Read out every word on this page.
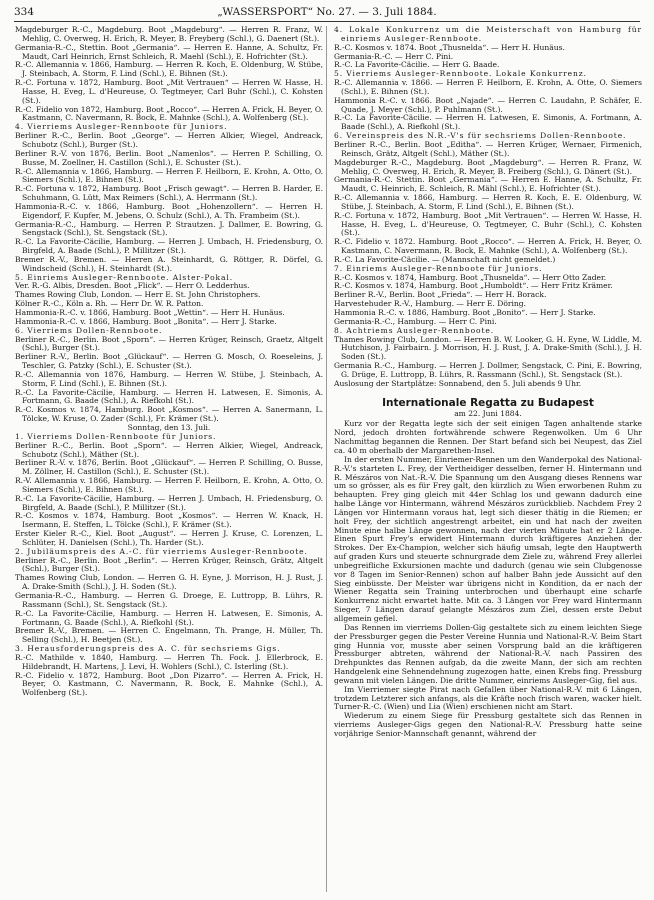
334	„WASSERSPORT“ No. 27. — 3. Juli 1884.
Magdeburger R.-C., Magdeburg. Boot „Magdeburg“. — Herren R. Franz, W. Mehlig, C. Overweg, H. Erich, R. Meyer, B. Freyberg (Schl.), G. Daenert (St.).
Germania-R.-C., Stettin. Boot „Germania“. — Herren E. Hanne, A. Schultz, Fr. Maudt, Carl Heinrich, Ernst Schleich, R. Maehl (Schl.), E. Hofrichter (St.).
R.-C. Allemannia v. 1866, Hamburg. — Herren R. Koch, E. Oldenburg, W. Stübe, J. Steinbach, A. Storm, F. Lind (Schl.), E. Bihnen (St.).
R.-C. Fortuna v. 1872, Hamburg. Boot „Mit Vertrauen“ — Herren W. Hasse, H. Hasse, H. Eveg, L. d'Heureuse, O. Tegtmeyer, Carl Buhr (Schl.), C. Kohsten (St.).
R.-C. Fidelio von 1872, Hamburg. Boot „Rocco“. — Herren A. Frick, H. Beyer, O. Kastmann, C. Navermann, R. Bock, E. Mahnke (Schl.), A. Wolfenberg (St.).
4. Vierriems Ausleger-Rennboote für Juniors.
Berliner R.-C., Berlin. Boot „George“. — Herren Alkier, Wiegel, Andreack, Schubotz (Schl.), Burger (St.).
Berliner R.-V. von 1876, Berlin. Boot „Namenlos“. — Herren P. Schilling, O. Busse, M. Zoellner, H. Castillon (Schl.), E. Schuster (St.).
R.-C. Allemannia v. 1866, Hamburg. — Herren F. Heilborn, E. Krohn, A. Otto, O. Siemers (Schl.), E. Bihnen (St.).
R.-C. Fortuna v. 1872, Hamburg. Boot „Frisch gewagt“. — Herren B. Harder, E. Schuhmann, G. Lütt, Max Reimers (Schl.), A. Herrmann (St.).
Hammonia-R.-C. v. 1866, Hamburg. Boot „Hohenzollern“. — Herren H. Eigendorf, F. Kupfer, M. Jebens, O. Schulz (Schl.), A. Th. Frambeim (St.).
Germania-R.-C., Hamburg. — Herren P. Strautzen. J. Dallmer, E. Bowring, G. Sengstack (Schl.), St. Sengstack (St.).
R.-C. La Favorite-Cäcilie, Hamburg. — Herren J. Umbach, H. Friedensburg, O. Birgfeld, A. Baade (Schl.), P. Millitzer (St.).
Bremer R.-V., Bremen. — Herren A. Steinhardt, G. Röttger, R. Dörfel, G. Windscheid (Schl.), H. Steinhardt (St.).
5. Einriems Ausleger-Rennboote. Alster-Pokal.
Ver. R.-G. Albis, Dresden. Boot „Flick“. — Herr O. Ledderhus.
Thames Rowing Club, London. — Herr E. St. John Christophers.
Kölner R.-C., Köln a. Rh. — Herr Dr. W. R. Patton.
Hammonia-R.-C. v. 1866, Hamburg. Boot „Wettin“. — Herr H. Hunäus.
Hammonia-R.-C. v. 1866, Hamburg. Boot „Bonita“. — Herr J. Starke.
6. Vierriems Dollen-Rennboote.
Berliner R.-C., Berlin. Boot „Sporn“. — Herren Krüger, Reinsch, Graetz, Altgelt (Schl.), Burger (St.).
Berliner R.-V., Berlin. Boot „Glückauf“. — Herren G. Mosch, O. Roeseleins, J. Teschler, G. Patzky (Schl.), E. Schuster (St.).
R.-C. Allemannia von 1876, Hamburg. — Herren W. Stübe, J. Steinbach, A. Storm, F. Lind (Schl.), E. Bihnen (St.).
R.-C. La Favorite-Cäcilie, Hamburg. — Herren H. Latwesen, E. Simonis, A. Fortmann, G. Baade (Schl.), A. Riefkohl (St.).
R.-C. Kosmos v. 1874, Hamburg. Boot „Kosmos“. — Herren A. Sanermann, L. Tölcke, W. Kruse, O. Zader (Schl.), Fr. Krämer (St.).
Sonntag, den 13. Juli.
1. Vierriems Dollen-Rennboote für Juniors.
Berliner R.-C., Berlin. Boot „Sporn“. — Herren Alkier, Wiegel, Andreack, Schubotz (Schl.), Mäther (St.).
Berliner R.-V. v. 1876, Berlin. Boot „Glückauf“. — Herren P. Schilling, O. Busse, M. Zöllner, H. Castillon (Schl.), E. Schuster (St.).
R.-V. Allemannia v. 1866, Hamburg. — Herren F. Heilborn, E. Krohn, A. Otto, O. Siemers (Schl.), E. Bihnen (St.).
R.-C. La Favorite-Cäcilie, Hamburg. — Herren J. Umbach, H. Friedensburg, O. Birgfeld, A. Baade (Schl.), P. Millitzer (St.).
R.-C. Kosmos v. 1874, Hamburg. Boot „Kosmos“. — Herren W. Knack, H. Isermann, E. Steffen, L. Tölcke (Schl.), F. Krämer (St.).
Erster Kieler R.-C., Kiel. Boot „August“. — Herren J. Kruse, C. Lorenzen, L. Schlüter, H. Danielsen (Schl.), Th. Harder (St.).
2. Jubiläumspreis des A.-C. für vierriems Ausleger-Rennboote.
Berliner R.-C., Berlin. Boot „Berlin“. — Herren Krüger, Reinsch, Grätz, Altgelt (Schl.), Burger (St.).
Thames Rowing Club, London. — Herren G. H. Eyne, J. Morrison, H. J. Rust, J. A. Drake-Smith (Schl.), J. H. Soden (St.).
Germania-R.-C., Hamburg. — Herren G. Droege, E. Luttropp, B. Lührs, R. Rassmann (Schl.), St. Sengstack (St.).
R.-C. La Favorite-Cäcilie, Hamburg. — Herren H. Latwesen, E. Simonis, A. Fortmann, G. Baade (Schl.), A. Riefkohl (St.).
Bremer R.-V., Bremen. — Herren C. Engelmann, Th. Prange, H. Müller, Th. Selling (Schl.), H. Beetjen (St.).
3. Herausforderungspreis des A. C. für sechsriems Gigs.
R.-C. Mathilde v. 1840, Hamburg. — Herren Th. Fock. J. Ellerbrock, E. Hildebrandt, H. Martens, J. Levi, H. Wohlers (Schl.), C. Isterling (St.).
R.-C. Fidelio v. 1872, Hamburg. Boot „Don Pizarro“. — Herren A. Frick, H. Beyer, O. Kastmann, C. Navermann, R. Bock, E. Mahnke (Schl.), A. Wolfenberg (St.).
4. Lokale Konkurrenz um die Meisterschaft von Hamburg für einriems Ausleger-Rennboote.
R.-C. Kosmos v. 1874. Boot „Thusnelda“. — Herr H. Hunäus.
Germania-R.-C. — Herr C. Pini.
R.-C. La Favorite-Cäcilie. — Herr G. Baade.
5. Vierriems Ausleger-Rennboote. Lokale Konkurrenz.
R.-C. Allemannia v. 1866. — Herren F. Heilborn, E. Krohn, A. Otte, O. Siemers (Schl.), E. Bihnen (St.).
Hammonia R.-C. v. 1866. Boot „Najade“. — Herren C. Laudahn, P. Schäfer, E. Quade, J. Meyer (Schl.), P. Puhlmann (St.).
R.-C. La Favorite-Cäcilie. — Herren H. Latwesen, E. Simonis, A. Fortmann, A. Baade (Schl.), A. Riefkohl (St.).
6. Vereinspreis des N.R.-V's für sechsriems Dollen-Rennboote.
Berliner R.-C., Berlin. Boot „Editha“. — Herren Krüger, Wernaer, Firmenich, Reinsch, Grätz, Altgelt (Schl.), Mäther (St.).
Magdeburger R.-C., Magdeburg. Boot „Magdeburg“. — Herren R. Franz, W. Mehlig, C. Overweg, H. Erich, R. Meyer, B. Freiberg (Schl.), G. Dänert (St.).
Germania-R.-C. Stettin. Boot „Germania“. — Herren E. Hanne, A. Schultz, Fr. Maudt, C. Heinrich, E. Schleich, R. Mähl (Schl.), E. Hofrichter (St.).
R.-C. Allemannia v. 1866, Hamburg. — Herren R. Koch, E. E. Oldenburg, W. Stübe, J. Steinbach, A. Storm, F. Lind (Schl.), E. Bihnen (St.).
R.-C. Fortuna v. 1872, Hamburg. Boot „Mit Vertrauen“. — Herren W. Hasse, H. Hasse, H. Eveg, L. d'Heureuse, O. Tegtmeyer, C. Buhr (Schl.), C. Kohsten (St.).
R.-C. Fidelio v. 1872. Hamburg. Boot „Rocco“. — Herren A. Frick, H. Beyer, O. Kastmann, C. Navermann, R. Bock, E. Mahnke (Schl.), A. Wolfenberg (St.).
R.-C. La Favorite-Cäcilie. — (Mannschaft nicht gemeldet.)
7. Einriems Ausleger-Rennboote für Juniors.
R.-C. Kosmos v. 1874, Hamburg. Boot „Thusnelda“. — Herr Otto Zader.
R.-C. Kosmos v. 1874, Hamburg. Boot „Humboldt“. — Herr Fritz Krämer.
Berliner R.-V., Berlin. Boot „Frieda“. — Herr H. Borack.
Harvestehuder R.-V., Hamburg. — Herr E. Döring.
Hammonia R.-C. v. 1886, Hamburg. Boot „Bonito“. — Herr J. Starke.
Germania-R.-C., Hamburg. — Herr C. Pini.
8. Achtriems Ausleger-Rennboote.
Thames Rowing Club, London. — Herren B. W. Looker, G. H. Eyne, W. Liddle, M. Hutchison, J. Fairbairn. J. Morrison, H. J. Rust, J. A. Drake-Smith (Schl.), J. H. Soden (St.).
Germania R.-C., Hamburg. — Herren J. Dollmer, Sengstack, C. Pini, E. Bowring, G. Drüge, E. Luttropp, B. Lührs, R. Rassmann (Schl.), St. Sengstack (St.).
Auslosung der Startplätze: Sonnabend, den 5. Juli abends 9 Uhr.
Internationale Regatta zu Budapest
am 22. Juni 1884.

Kurz vor der Regatta legte sich der seit einigen Tagen anhaltende starke Nord, jedoch drohten fortwährende schwere Regenwolken. Um 6 Uhr Nachmittag begannen die Rennen. Der Start befand sich bei Neupest, das Ziel ca. 40 m oberhalb der Margarethen-Insel.

In der ersten Nummer, Einriemer-Rennen um den Wanderpokal des National-R.-V.'s starteten L. Frey, der Vertheidiger desselben, ferner H. Hintermann und R. Mészáros von Nat.-R.-V. Die Spannung um den Ausgang dieses Rennens war um so grösser, als es für Frey galt, den kürzlich zu Wien erworbenen Ruhm zu behaupten. Frey ging gleich mit 44er Schlag los und gewann dadurch eine halbe Länge vor Hintermann, während Mészáros zurückblieb. Nachdem Frey 2 Längen vor Hintermann voraus hat, legt sich dieser thätig in die Riemen; er holt Frey, der sichtlich angestrengt arbeitet, ein und hat nach der zweiten Minute eine halbe Länge gewonnen, nach der vierten Minute hat er 2 Länge. Einen Spurt Frey's erwidert Hintermann durch kräftigeres Anziehen der Strokes. Der Ex-Champion, welcher sich häufig umsah, legte den Hauptwerth auf graden Kurs und steuerte schnurgrade dem Ziele zu, während Frey allerlei unbegreifliche Exkursionen machte und dadurch (genau wie sein Clubgenosse vor 8 Tagen im Senior-Rennen) schon auf halber Bahn jede Aussicht auf den Sieg einbüsste. Der Meister war übrigens nicht in Kondition, da er nach der Wiener Regatta sein Training unterbrochen und überhaupt eine scharfe Konkurrenz nicht erwartet hatte. Mit ca. 3 Längen vor Frey ward Hintermann Sieger, 7 Längen darauf gelangte Mészáros zum Ziel, dessen erste Debut allgemein gefiel.

Das Rennen im vierriems Dollen-Gig gestaltete sich zu einem leichten Siege der Pressburger gegen die Pester Vereine Hunnia und National-R.-V. Beim Start ging Hunnia vor, musste aber seinen Vorsprung bald an die kräftigeren Pressburger abtreten, während der National-R.-V. nach Passiren des Drehpunktes das Rennen aufgab, da die zweite Mann, der sich am rechten Handgelenk eine Sehnendehnung zugezogen hatte, einen Krebs fing. Pressburg gewann mit vielen Längen. Die dritte Nummer, einriems Ausleger-Gig, fiel aus.

Im Vierriemer siegte Pirat nach Gefallen über National-R.-V. mit 6 Längen, trotzdem Letzterer sich anfangs, als die Kräfte noch frisch waren, wacker hielt. Turner-R.-C. (Wien) und Lia (Wien) erschienen nicht am Start.

Wiederum zu einem Siege für Pressburg gestaltete sich das Rennen in vierriems Ausleger-Gigs gegen den National-R.-V. Pressburg hatte seine vorjährige Senior-Mannschaft genannt, während der
